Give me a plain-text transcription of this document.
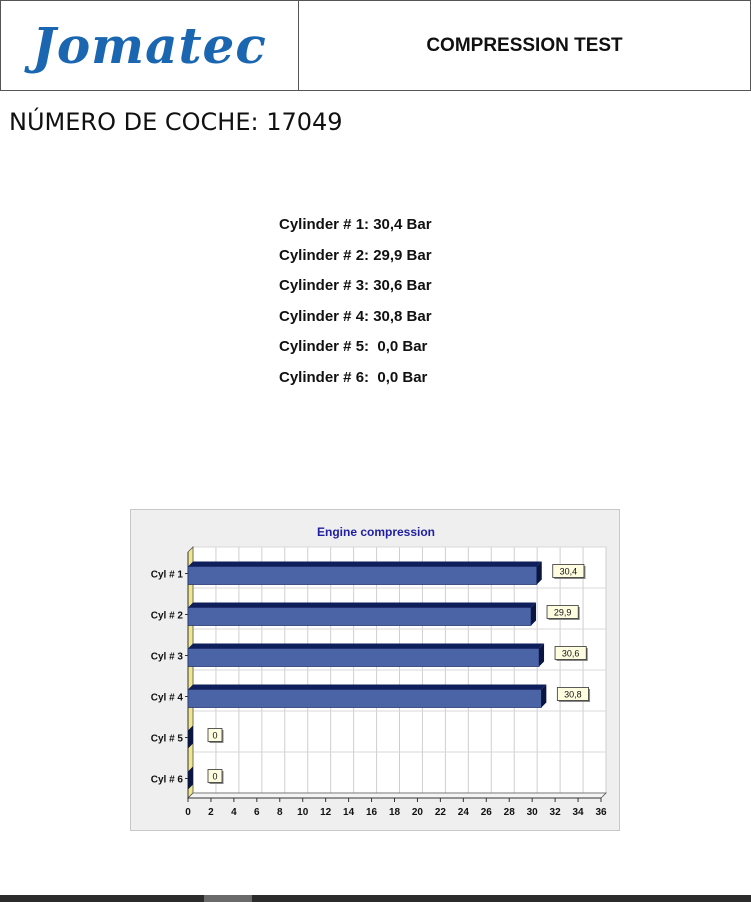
Jomatec	COMPRESSION TEST
NÚMERO DE COCHE: 17049
Cylinder # 1: 30,4 Bar
Cylinder # 2: 29,9 Bar
Cylinder # 3: 30,6 Bar
Cylinder # 4: 30,8 Bar
Cylinder # 5:  0,0 Bar
Cylinder # 6:  0,0 Bar
Engine compression
0 2 4 6 8 10 12 14 16 18 20 22 24 26 28 30 32 34 36
Cyl # 1	30,4
Cyl # 2	29,9
Cyl # 3	30,6
Cyl # 4	30,8
Cyl # 5	0
Cyl # 6	0
